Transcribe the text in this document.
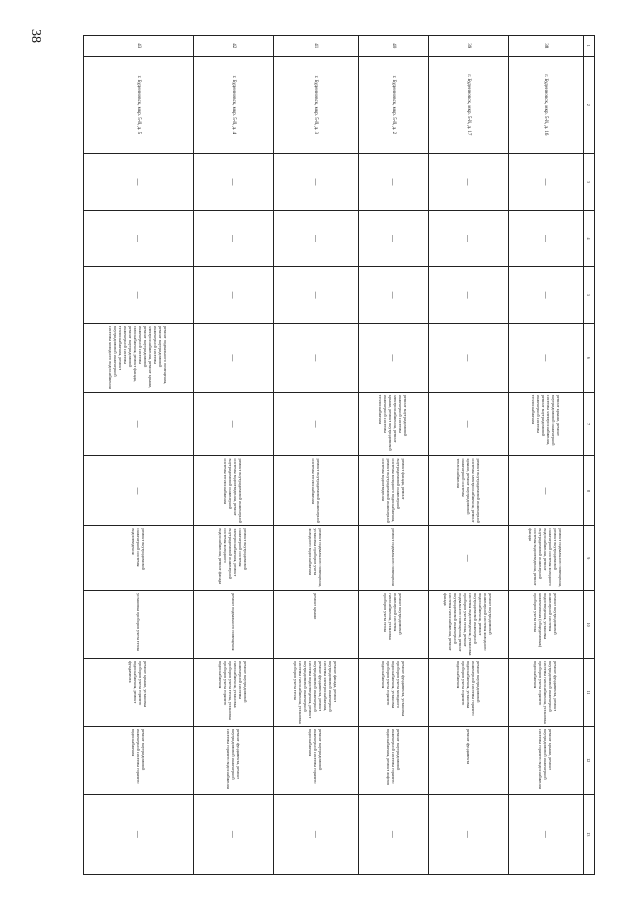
38
1	2	3	4	5	6	7	8	9	10	11	12	13
38	г. Буденновск, мкр. 5-й, д. 16	—	—	—	—	ремонт крыши, ремонт внутридомовой инженерной системы электроснабжения, ремонт внутридомовой инженерной системы теплоснабжения	—	ремонт подвального помещения, ремонт внутридомовой инженерной системы холодного водоснабжения, ремонт внутридомовой инженерной системы водоотведения, ремонт фасада	ремонт внутридомовой инженерной системы водоотведения, установка коллективных (общедомовых) приборов учета тепла	ремонт фундамента, ремонт внутридомовой инженерной системы газоснабжения, установка приборов учета горячего водоснабжения	ремонт крыши, ремонт внутридомовой инженерной системы горячего водоснабжения	—

39	г. Буденновск, мкр. 5-й, д. 17	—	—	—	—	—	ремонт внутридомовой инженерной системы электроснабжения, ремонт крыши, ремонт внутридомовой инженерной системы теплоснабжения	—	ремонт внутридомовой инженерной системы холодного водоснабжения, ремонт внутридомовой инженерной системы водоотведения, установка приборов учета тепла, ремонт подвального помещения, ремонт внутридомовой инженерной системы газоснабжения, ремонт фасада	ремонт внутридомовой инженерной системы горячего водоснабжения, установка приборов учета горячего водоснабжения	ремонт фундамента	—

40	г. Буденновск, мкр. 5-й, д. 2	—	—	—	—	ремонт внутридомовой инженерной системы электроснабжения, ремонт крыши, ремонт внутридомовой инженерной системы теплоснабжения	ремонт фасада, ремонт внутридомовой инженерной системы холодного водоснабжения, ремонт внутридомовой инженерной системы водоотведения	ремонт подвального помещения	ремонт внутридомовой инженерной системы газоснабжения, установка приборов учета тепла	ремонт фундамента, установка приборов учета холодного водоснабжения, установка приборов учета горячего водоснабжения	ремонт внутридомовой инженерной системы горячего водоснабжения, ремонт лифтов	—

41	г. Буденновск, мкр. 5-й, д. 3	—	—	—	—	—	ремонт внутридомовой инженерной системы теплоснабжения	ремонт подвального помещения, установка приборов учета холодного водоснабжения	ремонт крыши	ремонт фасада, ремонт внутридомовой инженерной системы электроснабжения, ремонт фундамента, ремонт внутридомовой инженерной системы водоотведения, ремонт внутридомовой инженерной системы газоснабжения, установка приборов учета тепла	ремонт внутридомовой инженерной системы горячего водоснабжения	—

42	г. Буденновск, мкр. 5-й, д. 4	—	—	—	—	—	ремонт внутридомовой инженерной системы водоотведения, ремонт внутридомовой инженерной системы теплоснабжения	ремонт внутридомовой инженерной системы электроснабжения, ремонт внутридомовой инженерной системы холодного водоснабжения, ремонт фасада	ремонт подвального помещения	ремонт внутридомовой инженерной системы газоснабжения, установка приборов учета тепла, установка приборов учета горячего водоснабжения	ремонт фундамента, ремонт внутридомовой инженерной системы горячего водоснабжения	—

43	г. Буденновск, мкр. 5-й, д. 5	—	—	—	ремонт подвального помещения, ремонт внутридомовой инженерной системы электроснабжения, ремонт крыши, ремонт внутридомовой инженерной системы газоснабжения, ремонт фасада, ремонт внутридомовой инженерной системы теплоснабжения, ремонт внутридомовой инженерной системы холодного водоснабжения	—	—	ремонт внутридомовой инженерной системы водоотведения	установка приборов учета тепла	ремонт крыши, установка приборов учета горячего водоснабжения, ремонт фундамента	ремонт внутридомовой инженерной системы горячего водоснабжения	—
